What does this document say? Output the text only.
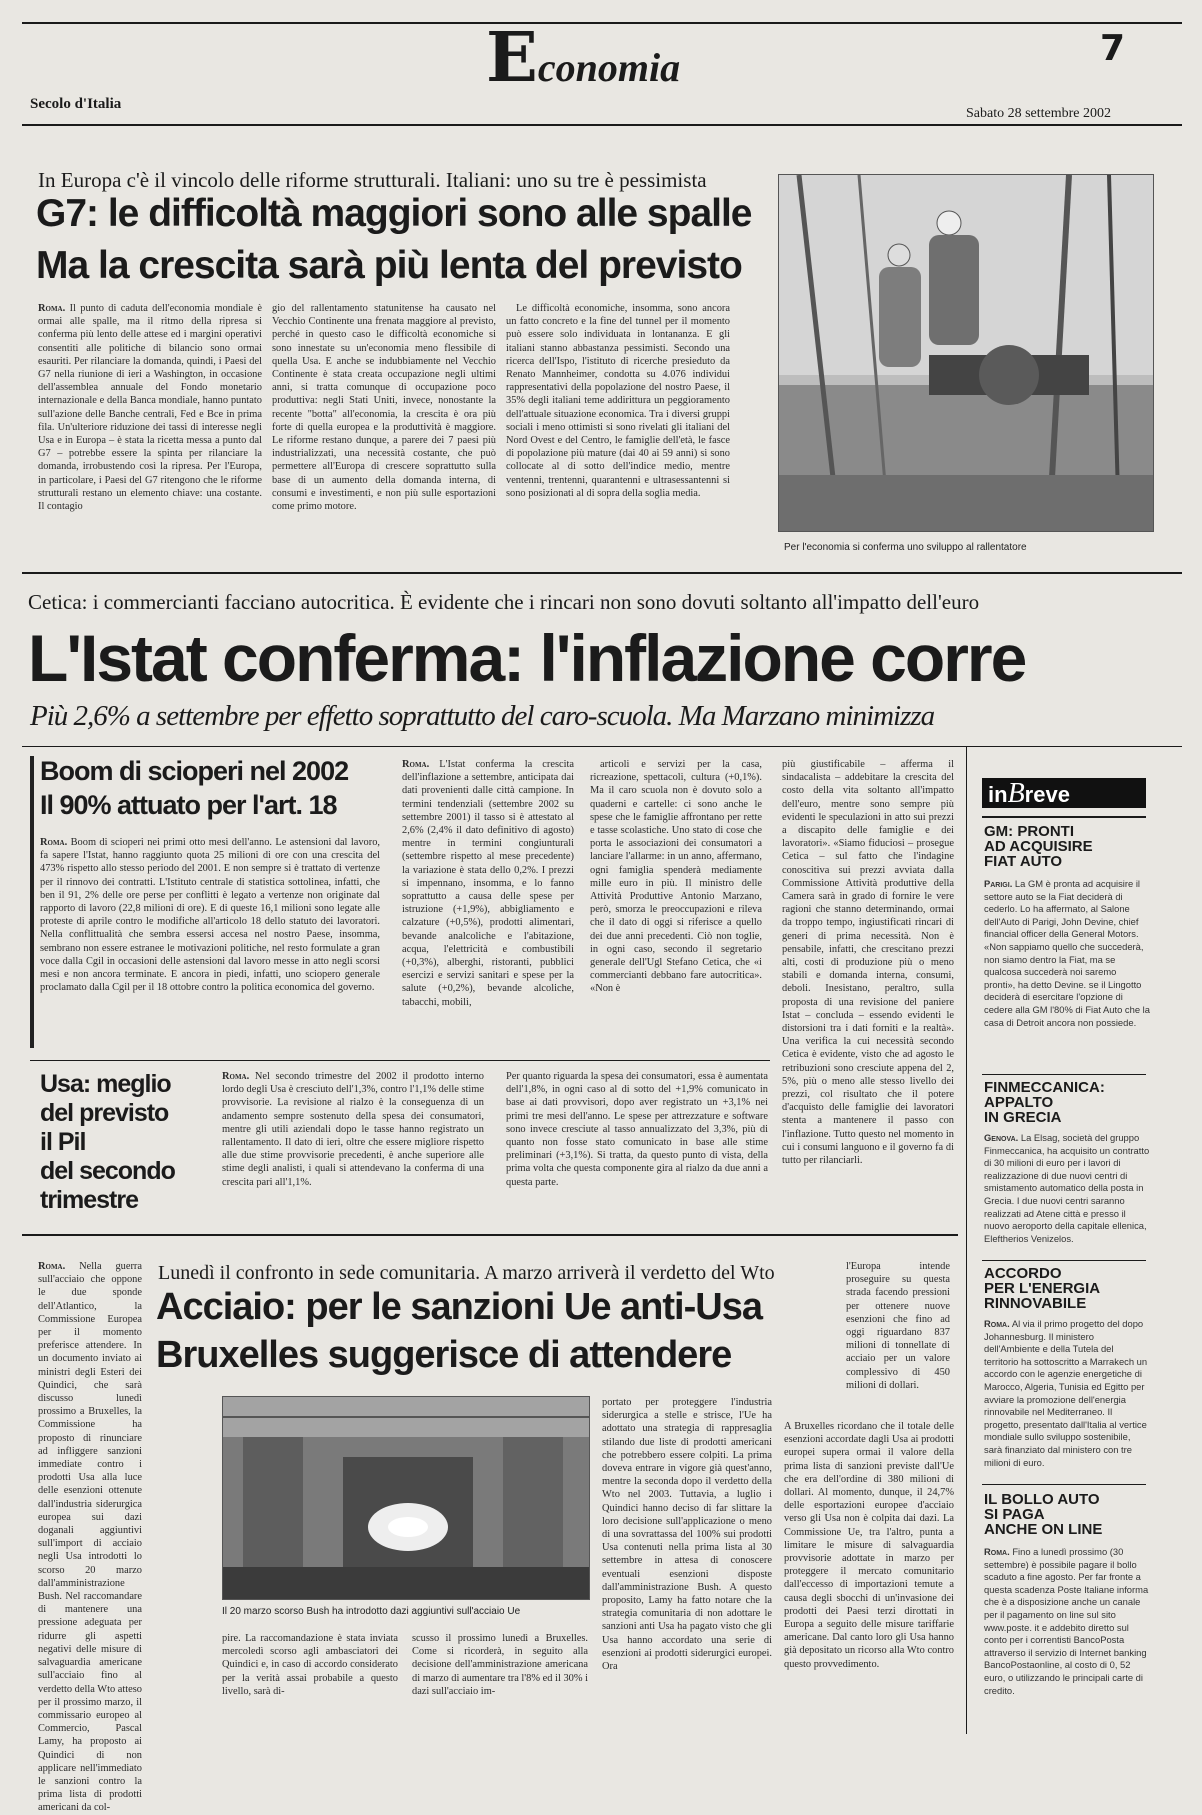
Economia	7
Secolo d'Italia
Sabato 28 settembre 2002
In Europa c'è il vincolo delle riforme strutturali. Italiani: uno su tre è pessimista
G7: le difficoltà maggiori sono alle spalle
Ma la crescita sarà più lenta del previsto

Roma. Il punto di caduta dell'economia mondiale è ormai alle spalle, ma il ritmo della ripresa si conferma più lento delle attese ed i margini operativi consentiti alle politiche di bilancio sono ormai esauriti. Per rilanciare la domanda, quindi, i Paesi del G7 nella riunione di ieri a Washington, in occasione dell'assemblea annuale del Fondo monetario internazionale e della Banca mondiale, hanno puntato sull'azione delle Banche centrali, Fed e Bce in prima fila. Un'ulteriore riduzione dei tassi di interesse negli Usa e in Europa – è stata la ricetta messa a punto dal G7 – potrebbe essere la spinta per rilanciare la domanda, irrobustendo così la ripresa. Per l'Europa, in particolare, i Paesi del G7 ritengono che le riforme strutturali restano un elemento chiave: una costante. Il contagio

gio del rallentamento statunitense ha causato nel Vecchio Continente una frenata maggiore al previsto, perché in questo caso le difficoltà economiche si sono innestate su un'economia meno flessibile di quella Usa. E anche se indubbiamente nel Vecchio Continente è stata creata occupazione negli ultimi anni, si tratta comunque di occupazione poco produttiva: negli Stati Uniti, invece, nonostante la recente "botta" all'economia, la crescita è ora più forte di quella europea e la produttività è maggiore. Le riforme restano dunque, a parere dei 7 paesi più industrializzati, una necessità costante, che può permettere all'Europa di crescere soprattutto sulla base di un aumento della domanda interna, di consumi e investimenti, e non più sulle esportazioni come primo motore.

Le difficoltà economiche, insomma, sono ancora un fatto concreto e la fine del tunnel per il momento può essere solo individuata in lontananza. E gli italiani stanno abbastanza pessimisti. Secondo una ricerca dell'Ispo, l'istituto di ricerche presieduto da Renato Mannheimer, condotta su 4.076 individui rappresentativi della popolazione del nostro Paese, il 35% degli italiani teme addirittura un peggioramento dell'attuale situazione economica. Tra i diversi gruppi sociali i meno ottimisti si sono rivelati gli italiani del Nord Ovest e del Centro, le famiglie dell'età, le fasce di popolazione più mature (dai 40 ai 59 anni) si sono collocate al di sotto dell'indice medio, mentre ventenni, trentenni, quarantenni e ultrasessantenni si sono posizionati al di sopra della soglia media.

Per l'economia si conferma uno sviluppo al rallentatore
Cetica: i commercianti facciano autocritica. È evidente che i rincari non sono dovuti soltanto all'impatto dell'euro
L'Istat conferma: l'inflazione corre
Più 2,6% a settembre per effetto soprattutto del caro-scuola. Ma Marzano minimizza
Boom di scioperi nel 2002
Il 90% attuato per l'art. 18

Roma. Boom di scioperi nei primi otto mesi dell'anno. Le astensioni dal lavoro, fa sapere l'Istat, hanno raggiunto quota 25 milioni di ore con una crescita del 473% rispetto allo stesso periodo del 2001. E non sempre si è trattato di vertenze per il rinnovo dei contratti. L'Istituto centrale di statistica sottolinea, infatti, che ben il 91, 2% delle ore perse per conflitti è legato a vertenze non originate dal rapporto di lavoro (22,8 milioni di ore). E di queste 16,1 milioni sono legate alle proteste di aprile contro le modifiche all'articolo 18 dello statuto dei lavoratori. Nella conflittualità che sembra essersi accesa nel nostro Paese, insomma, sembrano non essere estranee le motivazioni politiche, nel resto formulate a gran voce dalla Cgil in occasioni delle astensioni dal lavoro messe in atto negli scorsi mesi e non ancora terminate. E ancora in piedi, infatti, uno sciopero generale proclamato dalla Cgil per il 18 ottobre contro la politica economica del governo.

Roma. L'Istat conferma la crescita dell'inflazione a settembre, anticipata dai dati provenienti dalle città campione. In termini tendenziali (settembre 2002 su settembre 2001) il tasso si è attestato al 2,6% (2,4% il dato definitivo di agosto) mentre in termini congiunturali (settembre rispetto al mese precedente) la variazione è stata dello 0,2%. I prezzi si impennano, insomma, e lo fanno soprattutto a causa delle spese per istruzione (+1,9%), abbigliamento e calzature (+0,5%), prodotti alimentari, bevande analcoliche e l'abitazione, acqua, l'elettricità e combustibili (+0,3%), alberghi, ristoranti, pubblici esercizi e servizi sanitari e spese per la salute (+0,2%), bevande alcoliche, tabacchi, mobili,

articoli e servizi per la casa, ricreazione, spettacoli, cultura (+0,1%). Ma il caro scuola non è dovuto solo a quaderni e cartelle: ci sono anche le spese che le famiglie affrontano per rette e tasse scolastiche. Uno stato di cose che porta le associazioni dei consumatori a lanciare l'allarme: in un anno, affermano, ogni famiglia spenderà mediamente mille euro in più. Il ministro delle Attività Produttive Antonio Marzano, però, smorza le preoccupazioni e rileva che il dato di oggi si riferisce a quello dei due anni precedenti. Ciò non toglie, in ogni caso, secondo il segretario generale dell'Ugl Stefano Cetica, che «i commercianti debbano fare autocritica». «Non è

più giustificabile – afferma il sindacalista – addebitare la crescita del costo della vita soltanto all'impatto dell'euro, mentre sono sempre più evidenti le speculazioni in atto sui prezzi a discapito delle famiglie e dei lavoratori». «Siamo fiduciosi – prosegue Cetica – sul fatto che l'indagine conoscitiva sui prezzi avviata dalla Commissione Attività produttive della Camera sarà in grado di fornire le vere ragioni che stanno determinando, ormai da troppo tempo, ingiustificati rincari di generi di prima necessità. Non è pensabile, infatti, che crescitano prezzi alti, costi di produzione più o meno stabili e domanda interna, consumi, deboli. Inesistano, peraltro, sulla proposta di una revisione del paniere Istat – concluda – essendo evidenti le distorsioni tra i dati forniti e la realtà». Una verifica la cui necessità secondo Cetica è evidente, visto che ad agosto le retribuzioni sono cresciute appena del 2, 5%, più o meno alle stesso livello dei prezzi, col risultato che il potere d'acquisto delle famiglie dei lavoratori stenta a mantenere il passo con l'inflazione. Tutto questo nel momento in cui i consumi languono e il governo fa di tutto per rilanciarli.

Usa: meglio
del previsto
il Pil
del secondo
trimestre

Roma. Nel secondo trimestre del 2002 il prodotto interno lordo degli Usa è cresciuto dell'1,3%, contro l'1,1% delle stime provvisorie. La revisione al rialzo è la conseguenza di un andamento sempre sostenuto della spesa dei consumatori, mentre gli utili aziendali dopo le tasse hanno registrato un rallentamento. Il dato di ieri, oltre che essere migliore rispetto alle due stime provvisorie precedenti, è anche superiore alle stime degli analisti, i quali si attendevano la conferma di una crescita pari all'1,1%.

Per quanto riguarda la spesa dei consumatori, essa è aumentata dell'1,8%, in ogni caso al di sotto del +1,9% comunicato in base ai dati provvisori, dopo aver registrato un +3,1% nei primi tre mesi dell'anno. Le spese per attrezzature e software sono invece cresciute al tasso annualizzato del 3,3%, più di quanto non fosse stato comunicato in base alle stime preliminari (+3,1%). Si tratta, da questo punto di vista, della prima volta che questa componente gira al rialzo da due anni a questa parte.

Roma. Nella guerra sull'acciaio che oppone le due sponde dell'Atlantico, la Commissione Europea per il momento preferisce attendere. In un documento inviato ai ministri degli Esteri dei Quindici, che sarà discusso lunedì prossimo a Bruxelles, la Commissione ha proposto di rinunciare ad infliggere sanzioni immediate contro i prodotti Usa alla luce delle esenzioni ottenute dall'industria siderurgica europea sui dazi doganali aggiuntivi sull'import di acciaio negli Usa introdotti lo scorso 20 marzo dall'amministrazione Bush. Nel raccomandare di mantenere una pressione adeguata per ridurre gli aspetti negativi delle misure di salvaguardia americane sull'acciaio fino al verdetto della Wto atteso per il prossimo marzo, il commissario europeo al Commercio, Pascal Lamy, ha proposto ai Quindici di non applicare nell'immediato le sanzioni contro la prima lista di prodotti americani da col-

Lunedì il confronto in sede comunitaria. A marzo arriverà il verdetto del Wto
Acciaio: per le sanzioni Ue anti-Usa
Bruxelles suggerisce di attendere

l'Europa intende proseguire su questa strada facendo pressioni per ottenere nuove esenzioni che fino ad oggi riguardano 837 milioni di tonnellate di acciaio per un valore complessivo di 450 milioni di dollari.

Il 20 marzo scorso Bush ha introdotto dazi aggiuntivi sull'acciaio Ue

pire. La raccomandazione è stata inviata mercoledì scorso agli ambasciatori dei Quindici e, in caso di accordo considerato per la verità assai probabile a questo livello, sarà di-

scusso il prossimo lunedì a Bruxelles. Come si ricorderà, in seguito alla decisione dell'amministrazione americana di marzo di aumentare tra l'8% ed il 30% i dazi sull'acciaio im-

portato per proteggere l'industria siderurgica a stelle e strisce, l'Ue ha adottato una strategia di rappresaglia stilando due liste di prodotti americani che potrebbero essere colpiti. La prima doveva entrare in vigore già quest'anno, mentre la seconda dopo il verdetto della Wto nel 2003. Tuttavia, a luglio i Quindici hanno deciso di far slittare la loro decisione sull'applicazione o meno di una sovrattassa del 100% sui prodotti Usa contenuti nella prima lista al 30 settembre in attesa di conoscere eventuali esenzioni disposte dall'amministrazione Bush. A questo proposito, Lamy ha fatto notare che la strategia comunitaria di non adottare le sanzioni anti Usa ha pagato visto che gli Usa hanno accordato una serie di esenzioni ai prodotti siderurgici europei. Ora

A Bruxelles ricordano che il totale delle esenzioni accordate dagli Usa ai prodotti europei supera ormai il valore della prima lista di sanzioni previste dall'Ue che era dell'ordine di 380 milioni di dollari. Al momento, dunque, il 24,7% delle esportazioni europee d'acciaio verso gli Usa non è colpita dai dazi. La Commissione Ue, tra l'altro, punta a limitare le misure di salvaguardia provvisorie adottate in marzo per proteggere il mercato comunitario dall'eccesso di importazioni temute a causa degli sbocchi di un'invasione dei prodotti dei Paesi terzi dirottati in Europa a seguito delle misure tariffarie americane. Dal canto loro gli Usa hanno già depositato un ricorso alla Wto contro questo provvedimento.

inBreve
GM: PRONTI
AD ACQUISIRE
FIAT AUTO
Parigi. La GM è pronta ad acquisire il settore auto se la Fiat deciderà di cederlo. Lo ha affermato, al Salone dell'Auto di Parigi, John Devine, chief financial officer della General Motors. «Non sappiamo quello che succederà, non siamo dentro la Fiat, ma se qualcosa succederà noi saremo pronti», ha detto Devine. se il Lingotto deciderà di esercitare l'opzione di cedere alla GM l'80% di Fiat Auto che la casa di Detroit ancora non possiede.
FINMECCANICA:
APPALTO
IN GRECIA
Genova. La Elsag, società del gruppo Finmeccanica, ha acquisito un contratto di 30 milioni di euro per i lavori di realizzazione di due nuovi centri di smistamento automatico della posta in Grecia. I due nuovi centri saranno realizzati ad Atene città e presso il nuovo aeroporto della capitale ellenica, Eleftherios Venizelos.
ACCORDO
PER L'ENERGIA
RINNOVABILE
Roma. Al via il primo progetto del dopo Johannesburg. Il ministero dell'Ambiente e della Tutela del territorio ha sottoscritto a Marrakech un accordo con le agenzie energetiche di Marocco, Algeria, Tunisia ed Egitto per avviare la promozione dell'energia rinnovabile nel Mediterraneo. Il progetto, presentato dall'Italia al vertice mondiale sullo sviluppo sostenibile, sarà finanziato dal ministero con tre milioni di euro.
IL BOLLO AUTO
SI PAGA
ANCHE ON LINE
Roma. Fino a lunedì prossimo (30 settembre) è possibile pagare il bollo scaduto a fine agosto. Per far fronte a questa scadenza Poste Italiane informa che è a disposizione anche un canale per il pagamento on line sul sito www.poste. it e addebito diretto sul conto per i correntisti BancoPosta attraverso il servizio di Internet banking BancoPostaonline, al costo di 0, 52 euro, o utilizzando le principali carte di credito.
